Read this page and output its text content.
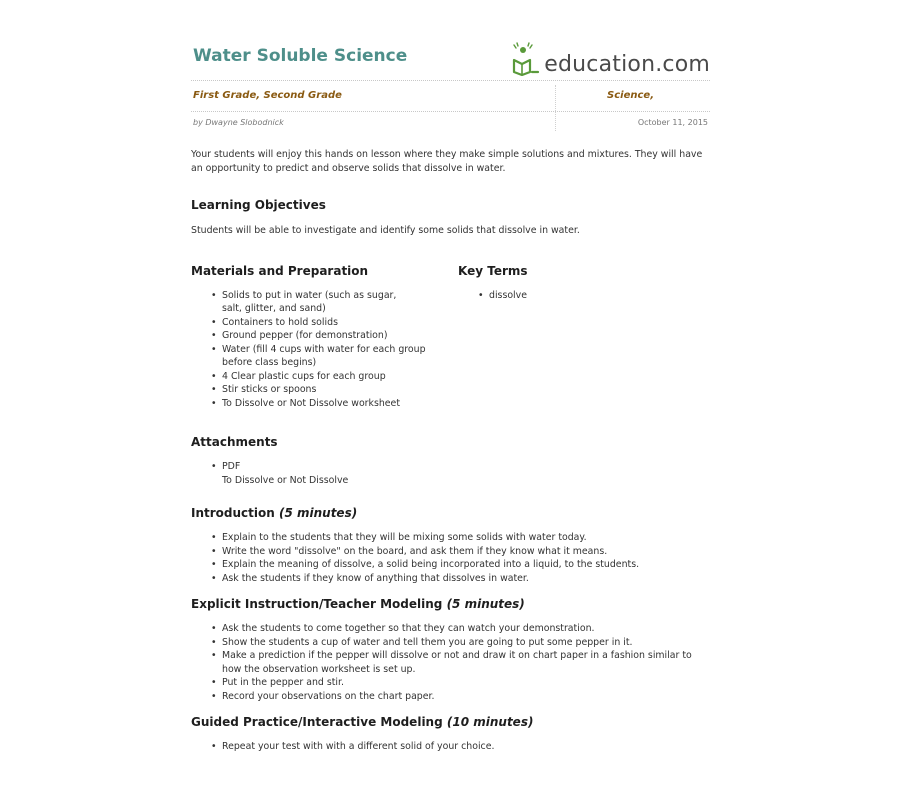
Water Soluble Science	education.com
First Grade, Second Grade	Science,
by Dwayne Slobodnick	October 11, 2015

Your students will enjoy this hands on lesson where they make simple solutions and mixtures. They will have an opportunity to predict and observe solids that dissolve in water.

Learning Objectives

Students will be able to investigate and identify some solids that dissolve in water.

Materials and Preparation
• Solids to put in water (such as sugar, salt, glitter, and sand)
• Containers to hold solids
• Ground pepper (for demonstration)
• Water (fill 4 cups with water for each group before class begins)
• 4 Clear plastic cups for each group
• Stir sticks or spoons
• To Dissolve or Not Dissolve worksheet
Key Terms
• dissolve
Attachments
• PDF
To Dissolve or Not Dissolve
Introduction (5 minutes)
• Explain to the students that they will be mixing some solids with water today.
• Write the word "dissolve" on the board, and ask them if they know what it means.
• Explain the meaning of dissolve, a solid being incorporated into a liquid, to the students.
• Ask the students if they know of anything that dissolves in water.
Explicit Instruction/Teacher Modeling (5 minutes)
• Ask the students to come together so that they can watch your demonstration.
• Show the students a cup of water and tell them you are going to put some pepper in it.
• Make a prediction if the pepper will dissolve or not and draw it on chart paper in a fashion similar to how the observation worksheet is set up.
• Put in the pepper and stir.
• Record your observations on the chart paper.
Guided Practice/Interactive Modeling (10 minutes)
• Repeat your test with with a different solid of your choice.
